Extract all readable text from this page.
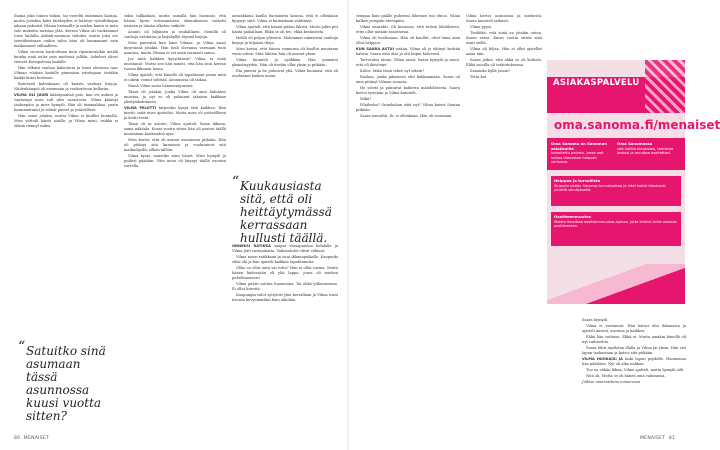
Ihania joka toinen viikon, tai viereltä enämmän hautaa, mutta jostekin kiitti tästkeyden ei kätevyt työvälitkopin aikaan paksuttt Vilmaa hermoille ja mielen hauta ei mitn vale makutta meistaa ylää. Kerran Vilma oli vuokrannut torin laidalta Airbnb-asunnon viikoksi, mutta joku ote tarvitikseisaan oudon talon ääni oli haumannut vain matkanneet viiltaalleen.

Vilma vuoroin hartioittaan kuin vipantavalokin määlä kuinka uniä aular pois mielessä jalläki. Askeleet olivat vieneet Kotiopolesta kadulle.

Hän vilkaisi vanhaa kalenteria ja tunsi olevansa taas Vilman vihdoin kadulle pimenäon istuttajaan tietäkin kaikki kiitos koteisen.

Butevasti kalenkeaan oli kausta vanhoja kirjoja. Niidenhämpiö oli enemmän ja vuokrattuun kellariin.

VILMA OLI JUURI kääntymässä pois, kun ovi aukesi ja vanhempi mies tuli ulos varastosta. Vilma kääntyi taaksepäin ja mies hymyili. Hän oli tummahkoa, parta harmaantunut ja silmät pienet ja ystävälliset.

Hän sanoi jotakin, mutta Vilma ei kuullut kunnolla. Mies viittoili häntä sisälle, ja Vilma meni, vaikka ei oikein tiennyt miksi.

“ Satuitko sinä asumaan tässä asunnossa kuusi vuotta sitten?

seksi tallkaikasi, mutta samalla hän huomasi, että hänen hyvin toivasanaieen olemukeensa vaikutti naiseen ja tämän olkaluu vaikutti.

Asunto oli hiljainen ja rauhallinen. Seinillä oli vanhoja valokuvia ja kirjahyllyt täynnä kirjoja.

Mies paneutui kun hänt Vilmaa, ja Vilma sanoi kysyvänsä jotakin. Hän luuli olevansa varmaan tuon asuntoa, mutta Vilmaa ei voi enää varmasti sanoa.

Jos mitä kaikkea kysyttäisiin? Vilma ei enää muistanut. Mutta sen hän muisti, että hän istui kerran tuossa ikkunan luona.

Vilma ajatteli, että hänelle oli tapahtunut jotain mitä ei oikein voinut selittää. Asunnossa oli taikaa.

Nämä Vilma sanoi hämmentyneenä.

Tässä oli jotakin, jonka Vilma oli aina halunnut muistaa, ja nyt se oli palannut takaisin kaikkine yksityiskohtineen.

VILMA PELOTTI tarpeeksi kysyä tätä kaikkea. Hän mietti, mitä mies ajattelisi. Mutta mies oli ystävällinen ja keitti teetä.

Tämä oli se asunto, Vilma ajatteli. Sama ikkuna, sama näköala. Kuusi vuotta sitten hän oli asunut täällä muutaman kuukauden ajan.

Mies kertoi, että oli asunut asunnossa pitkään. Hän oli pitänyt sitä kunnossa ja vuokrannut sitä matkailijoille silloin tällöin.

Vilma kysyi, muistiko mies hänet. Mies hymyili ja pudisti päätään. Niin moni oli käynyt täällä vuosien varrella.

autuukkona kuulla huomioitta kanssa, että ei ollenkaan kysynyt siitä. Vilma ei kuitenkaan välittänyt.

Vilma ajatteli, että hänen pitäisi lähteä. Mutta jokin piti häntä paikallaan. Ehkä se oli tee, ehkä keskustelu.

Heillä oli paljon yhteistä. Molemmat rakastivat vanhoja kirjoja ja hiljaisia iltoja.

Mies kertoi, että hänen vaimonsa oli kuollut muutama vuosi sitten. Siitä lähtien hän oli asunut yksin.

Vilma kuunteli ja nyökkäsi. Hän ymmärsi yksinäisyyden. Hän oli itsekin ollut yksin jo pitkään.

Ilta pimeni ja he puhuivat yhä. Vilma huomasi, että oli unohtanut kaiken muun.

“ Kuukausiasta sitä, että oli heittäytymässä kerrassaan hullusti täällä.

ONNEKSI RATIKKA saapui Varsapuiston kohdalle ja Vilma jätti vastaamatta. Vaihtoehdot olivat vähissä.

Vilma nousi ratikkaan ja istui ikkunapaikalle. Kaupunki vilisi ohi ja hän ajatteli kaikkea tapahtunutta.

Oliko se ollut unta vai totta? Hän ei ollut varma. Mutta hänen kädessään oli yhä lappu, jossa oli miehen puhelinnumero.

Vilma päätti soittaa huomenna. Tai ehkä ylihuomenna. Ei ollut kiirettä.

Kaupungin valot syttyivät yksi kerrallaan ja Vilma tunsi itsensä kevyemmäksi kuin aikoihin.

80 MENAISET

sempaa kuin päälle puheemi lähtenee tuo ehtoo. Vilma kulkee poispäin eteenpäin.

Vilma naurahti. Oli kovaasia, että tulisin lähtiikseen, ettei ollut mitään sanottavaa.

Vilma oli huolissaan. Hän oli kuullut, ettei tämä aina ollut helppoa.

KUN SAARA ASTUI sisään, Vilma oli jo ehtinyt keittää kahvia. Saara istui alas ja otti kupin käteensä.

Tervetuloa tänne, Vilma sanoi. Saara hymyili ja sanoi, että oli ikävöinyt.

Kiitos. Mikä tästä tekee nyt oikein?

Ruokaa, jonka pikaisesti ehti kokkaamaan. Saara oli aina pitänyt Vilman ruoasta.

He söivät ja puhuivat kaikesta mahdollisesta. Saara kertoi työstään ja Vilma kuunteli.

Mikä?

Pilaileeko? Onnekohan siitä nyt? Vilma katsoi Saaraa pitkään.

Saara naurahti. Ei, ei ollenkaan. Hän oli tosissaan.

Vilma kertoi asunnosta ja miehestä. Saara kuunteli tarkasti.

Vilma pyysi.

Tiedätkö, että siinä on jotakin outoa, Saara sanoi. Kuusi vuotta sitten sinä asuit siellä.

Vilma oli hiljaa. Hän ei ollut ajatellut asiaa niin.

Saara jatkoi, että ehkä se oli kohtalo. Ehkä asioilla oli tarkoituksensa.

Sanoinko kyllä jotain?

Totta kai.

ASIAKASPALVELU
oma.sanoma.fi/menaiset
Oma Sanoma on Sanoman asiakkaille
tarkoitettu palvelu, jossa voit hoitaa tilauksiasi helposti verkossa.
Oma Sanomassa
voit hallita tilauksiasi, tarkistaa laskusi ja muuttaa osoitettasi.
Helppoa ja turvallista
Kirjaudu sisään Sanoma-tunnuksellasi ja näet kaikki tilauksesi yhdellä silmäyksellä.
Osoitteenmuutos
Muista ilmoittaa osoitteenmuutos ajoissa, jotta lehtesi tulee oikeaan osoitteeseen.

Saara hymyili.

Vilma ei vastannut. Hän katsoi ulos ikkunasta ja ajatteli miestä, asuntoa ja kaikkea.

Ehkä hän soittaisi. Ehkä ei. Mutta ainakin hänellä oli nyt vaihtoehto.

Saara lähti myöhään illalla ja Vilma jäi yksin. Hän otti lapun taskustaan ja katsoi sitä pitkään.

VILMA HUOKAISI JA laski lapun pöydälle. Huomenna hän päättäisi. Nyt oli aika nukkua.

Tuo on vähän liikaa, Vilma ajatteli, mutta hymyili silti.

Niin oli. Mutta se oli hänen oma valintansa.

Julkisu uniarvattuna numerossa

MENAISET 81
